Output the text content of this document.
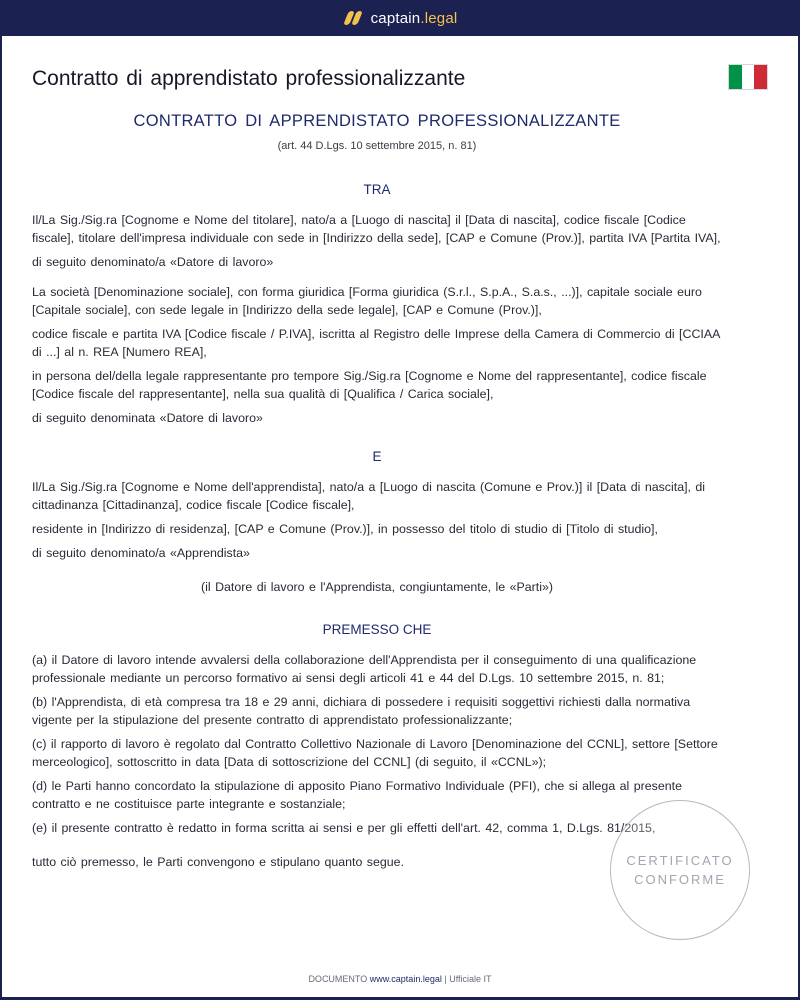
captain.legal
Contratto di apprendistato professionalizzante
CONTRATTO DI APPRENDISTATO PROFESSIONALIZZANTE
(art. 44 D.Lgs. 10 settembre 2015, n. 81)
TRA

Il/La Sig./Sig.ra [Cognome e Nome del titolare], nato/a a [Luogo di nascita] il [Data di nascita], codice fiscale [Codice fiscale], titolare dell'impresa individuale con sede in [Indirizzo della sede], [CAP e Comune (Prov.)], partita IVA [Partita IVA],

di seguito denominato/a «Datore di lavoro»

La società [Denominazione sociale], con forma giuridica [Forma giuridica (S.r.l., S.p.A., S.a.s., ...)], capitale sociale euro [Capitale sociale], con sede legale in [Indirizzo della sede legale], [CAP e Comune (Prov.)],

codice fiscale e partita IVA [Codice fiscale / P.IVA], iscritta al Registro delle Imprese della Camera di Commercio di [CCIAA di ...] al n. REA [Numero REA],

in persona del/della legale rappresentante pro tempore Sig./Sig.ra [Cognome e Nome del rappresentante], codice fiscale [Codice fiscale del rappresentante], nella sua qualità di [Qualifica / Carica sociale],

di seguito denominata «Datore di lavoro»

E

Il/La Sig./Sig.ra [Cognome e Nome dell'apprendista], nato/a a [Luogo di nascita (Comune e Prov.)] il [Data di nascita], di cittadinanza [Cittadinanza], codice fiscale [Codice fiscale],

residente in [Indirizzo di residenza], [CAP e Comune (Prov.)], in possesso del titolo di studio di [Titolo di studio],

di seguito denominato/a «Apprendista»

(il Datore di lavoro e l'Apprendista, congiuntamente, le «Parti»)

PREMESSO CHE

(a) il Datore di lavoro intende avvalersi della collaborazione dell'Apprendista per il conseguimento di una qualificazione professionale mediante un percorso formativo ai sensi degli articoli 41 e 44 del D.Lgs. 10 settembre 2015, n. 81;

(b) l'Apprendista, di età compresa tra 18 e 29 anni, dichiara di possedere i requisiti soggettivi richiesti dalla normativa vigente per la stipulazione del presente contratto di apprendistato professionalizzante;

(c) il rapporto di lavoro è regolato dal Contratto Collettivo Nazionale di Lavoro [Denominazione del CCNL], settore [Settore merceologico], sottoscritto in data [Data di sottoscrizione del CCNL] (di seguito, il «CCNL»);

(d) le Parti hanno concordato la stipulazione di apposito Piano Formativo Individuale (PFI), che si allega al presente contratto e ne costituisce parte integrante e sostanziale;

(e) il presente contratto è redatto in forma scritta ai sensi e per gli effetti dell'art. 42, comma 1, D.Lgs. 81/2015,

tutto ciò premesso, le Parti convengono e stipulano quanto segue.	CERTIFICATO
CONFORME
DOCUMENTO www.captain.legal | Ufficiale IT
